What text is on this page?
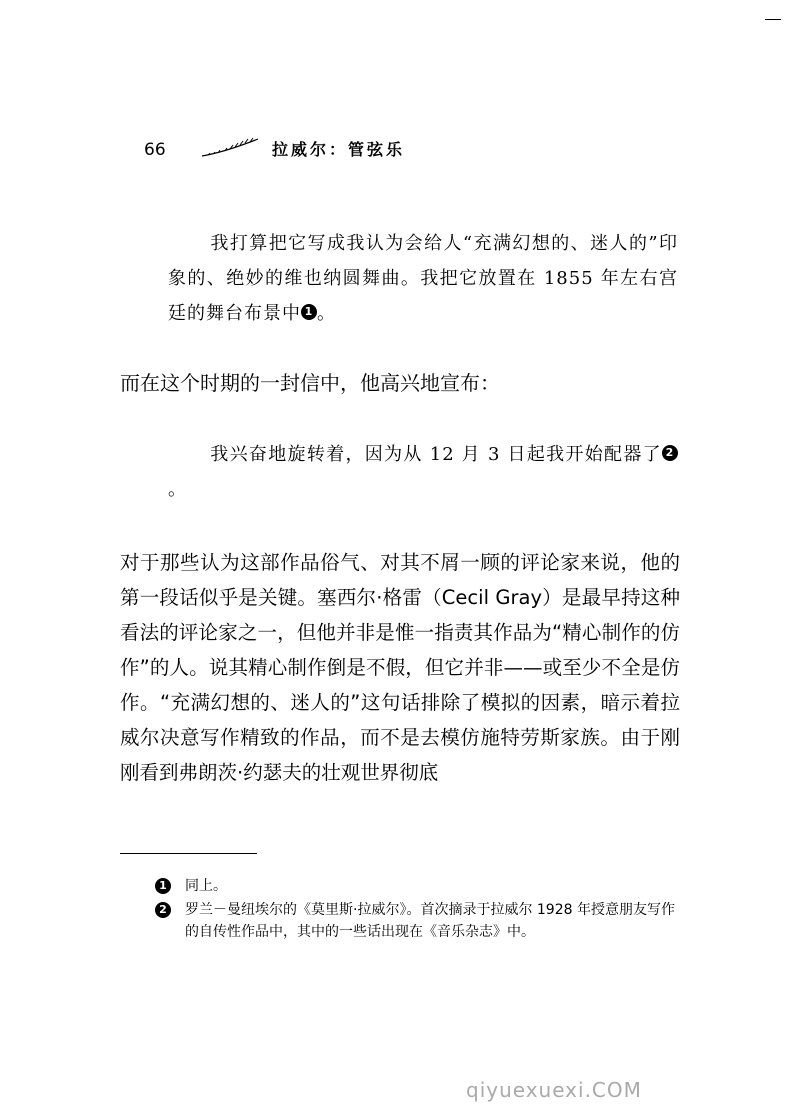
66	拉威尔：管弦乐

我打算把它写成我认为会给人“充满幻想的、迷人的”印象的、绝妙的维也纳圆舞曲。我把它放置在 1855 年左右宫廷的舞台布景中 1 。

而在这个时期的一封信中，他高兴地宣布：

我兴奋地旋转着，因为从 12 月 3 日起我开始配器了 2。

对于那些认为这部作品俗气、对其不屑一顾的评论家来说，他的第一段话似乎是关键。塞西尔·格雷（Cecil Gray）是最早持这种看法的评论家之一，但他并非是惟一指责其作品为“精心制作的仿作”的人。说其精心制作倒是不假，但它并非——或至少不全是仿作。“充满幻想的、迷人的”这句话排除了模拟的因素，暗示着拉威尔决意写作精致的作品，而不是去模仿施特劳斯家族。由于刚刚看到弗朗茨·约瑟夫的壮观世界彻底

1 同上。
2 罗兰－曼纽埃尔的《莫里斯·拉威尔》。首次摘录于拉威尔 1928 年授意朋友写作的自传性作品中，其中的一些话出现在《音乐杂志》中。
qiyuexuexi.COM
